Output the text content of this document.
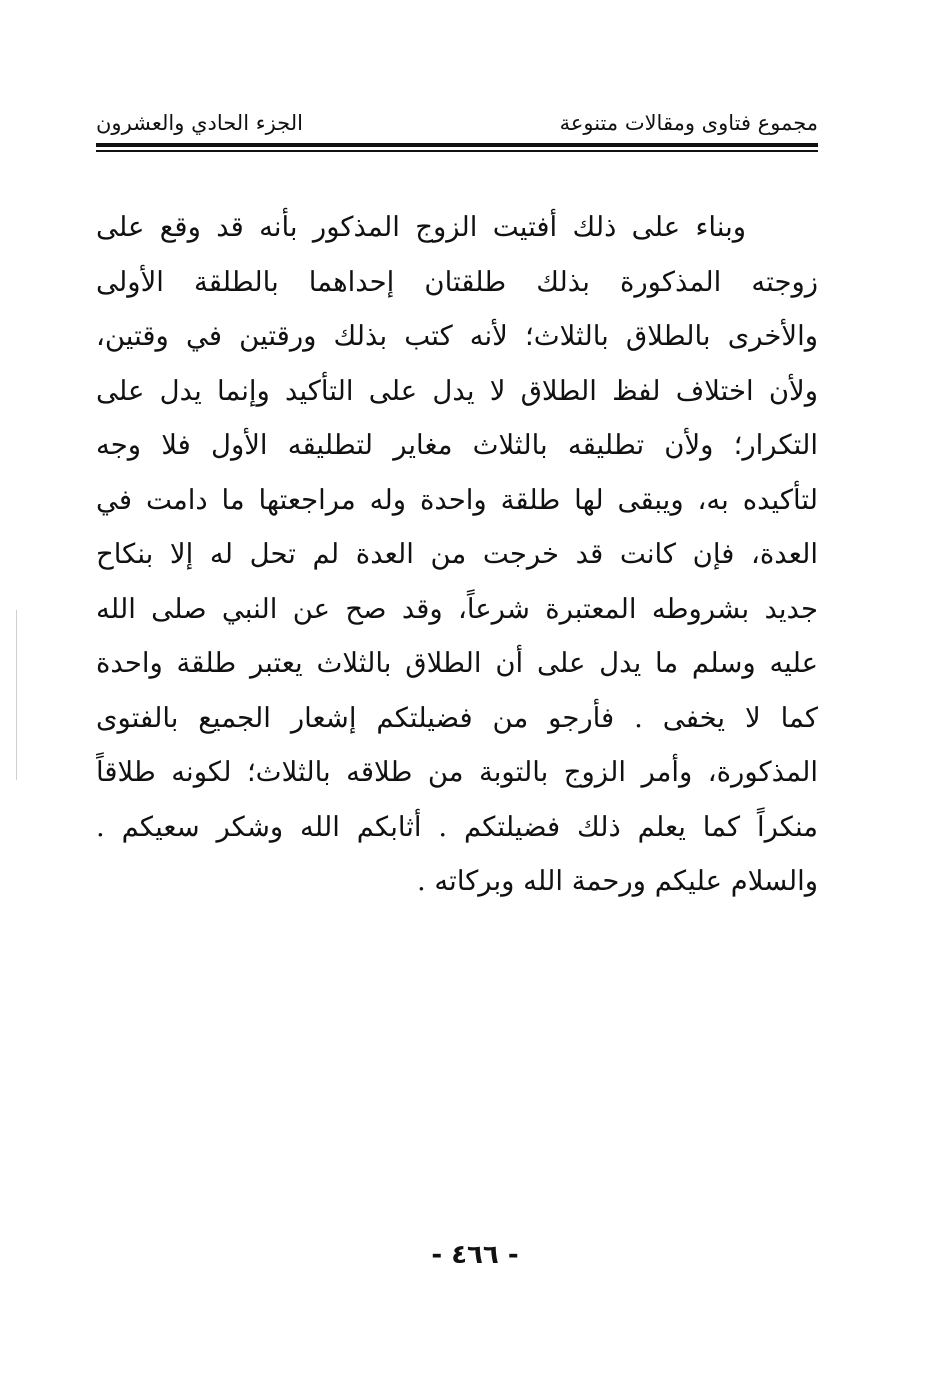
مجموع فتاوى ومقالات متنوعة
الجزء الحادي والعشرون
وبناء على ذلك أفتيت الزوج المذكور بأنه قد وقع على
زوجته المذكورة بذلك طلقتان إحداهما بالطلقة الأولى
والأخرى بالطلاق بالثلاث؛ لأنه كتب بذلك ورقتين في وقتين،
ولأن اختلاف لفظ الطلاق لا يدل على التأكيد وإنما يدل على
التكرار؛ ولأن تطليقه بالثلاث مغاير لتطليقه الأول فلا وجه
لتأكيده به، ويبقى لها طلقة واحدة وله مراجعتها ما دامت في
العدة، فإن كانت قد خرجت من العدة لم تحل له إلا بنكاح
جديد بشروطه المعتبرة شرعاً، وقد صح عن النبي صلى الله
عليه وسلم ما يدل على أن الطلاق بالثلاث يعتبر طلقة واحدة
كما لا يخفى . فأرجو من فضيلتكم إشعار الجميع بالفتوى
المذكورة، وأمر الزوج بالتوبة من طلاقه بالثلاث؛ لكونه طلاقاً
منكراً كما يعلم ذلك فضيلتكم . أثابكم الله وشكر سعيكم .
والسلام عليكم ورحمة الله وبركاته .
- ٤٦٦ -
